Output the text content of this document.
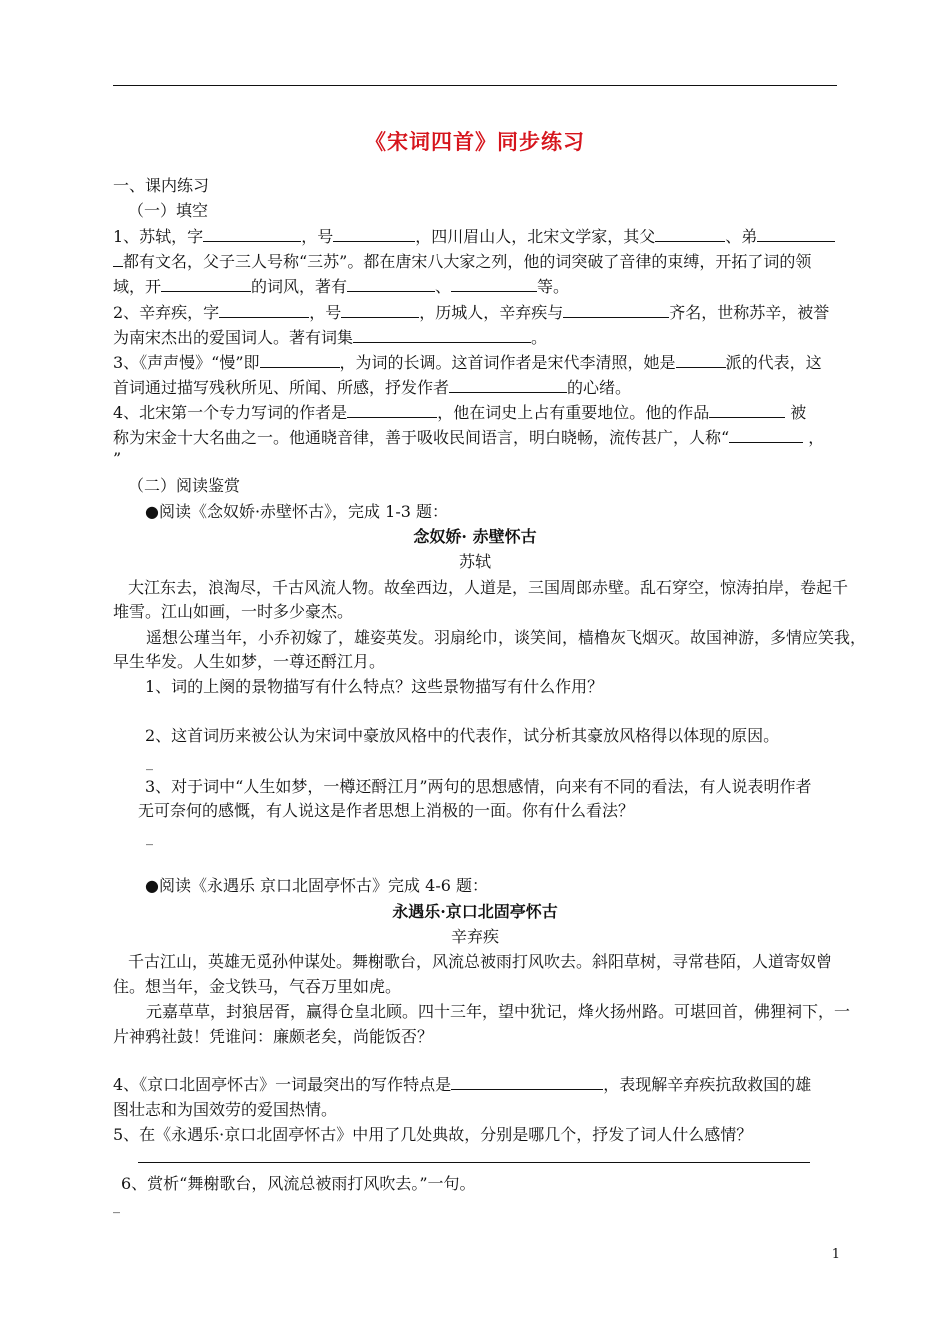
《宋词四首》同步练习
一、课内练习
（一）填空
1、苏轼，字	，号	，四川眉山人，北宋文学家，其父	、弟
都有文名，父子三人号称“三苏”。都在唐宋八大家之列，他的词突破了音律的束缚，开拓了词的领
域，开	的词风，著有	、	等。
2、辛弃疾，字	，号	，历城人，辛弃疾与	齐名，世称苏辛，被誉
为南宋杰出的爱国词人。著有词集	。
3、《声声慢》“慢”即	，为词的长调。这首词作者是宋代李清照，她是	派的代表，这
首词通过描写残秋所见、所闻、所感，抒发作者	的心绪。
4、北宋第一个专力写词的作者是	，他在词史上占有重要地位。他的作品	被
称为宋金十大名曲之一。他通晓音律，善于吸收民间语言，明白晓畅，流传甚广，人称“	，
”
（二）阅读鉴赏
●阅读《念奴娇·赤壁怀古》，完成 1-3 题：
念奴娇· 赤壁怀古
苏轼
大江东去，浪淘尽，千古风流人物。故垒西边，人道是，三国周郎赤壁。乱石穿空，惊涛拍岸，卷起千
堆雪。江山如画，一时多少豪杰。
遥想公瑾当年，小乔初嫁了，雄姿英发。羽扇纶巾，谈笑间，樯橹灰飞烟灭。故国神游，多情应笑我，
早生华发。人生如梦，一尊还酹江月。
1、词的上阕的景物描写有什么特点？这些景物描写有什么作用？
2、这首词历来被公认为宋词中豪放风格中的代表作，试分析其豪放风格得以体现的原因。
_
3、对于词中“人生如梦，一樽还酹江月”两句的思想感情，向来有不同的看法，有人说表明作者
无可奈何的感慨，有人说这是作者思想上消极的一面。你有什么看法？
_
●阅读《永遇乐 京口北固亭怀古》完成 4-6 题：
永遇乐·京口北固亭怀古
辛弃疾
千古江山，英雄无觅孙仲谋处。舞榭歌台，风流总被雨打风吹去。斜阳草树，寻常巷陌，人道寄奴曾
住。想当年，金戈铁马，气吞万里如虎。
元嘉草草，封狼居胥，赢得仓皇北顾。四十三年，望中犹记，烽火扬州路。可堪回首，佛狸祠下，一
片神鸦社鼓！凭谁问：廉颇老矣，尚能饭否？
4、《京口北固亭怀古》一词最突出的写作特点是	，表现解辛弃疾抗敌救国的雄
图壮志和为国效劳的爱国热情。
5、在《永遇乐·京口北固亭怀古》中用了几处典故，分别是哪几个，抒发了词人什么感情？
6、赏析“舞榭歌台，风流总被雨打风吹去。”一句。
_
1
